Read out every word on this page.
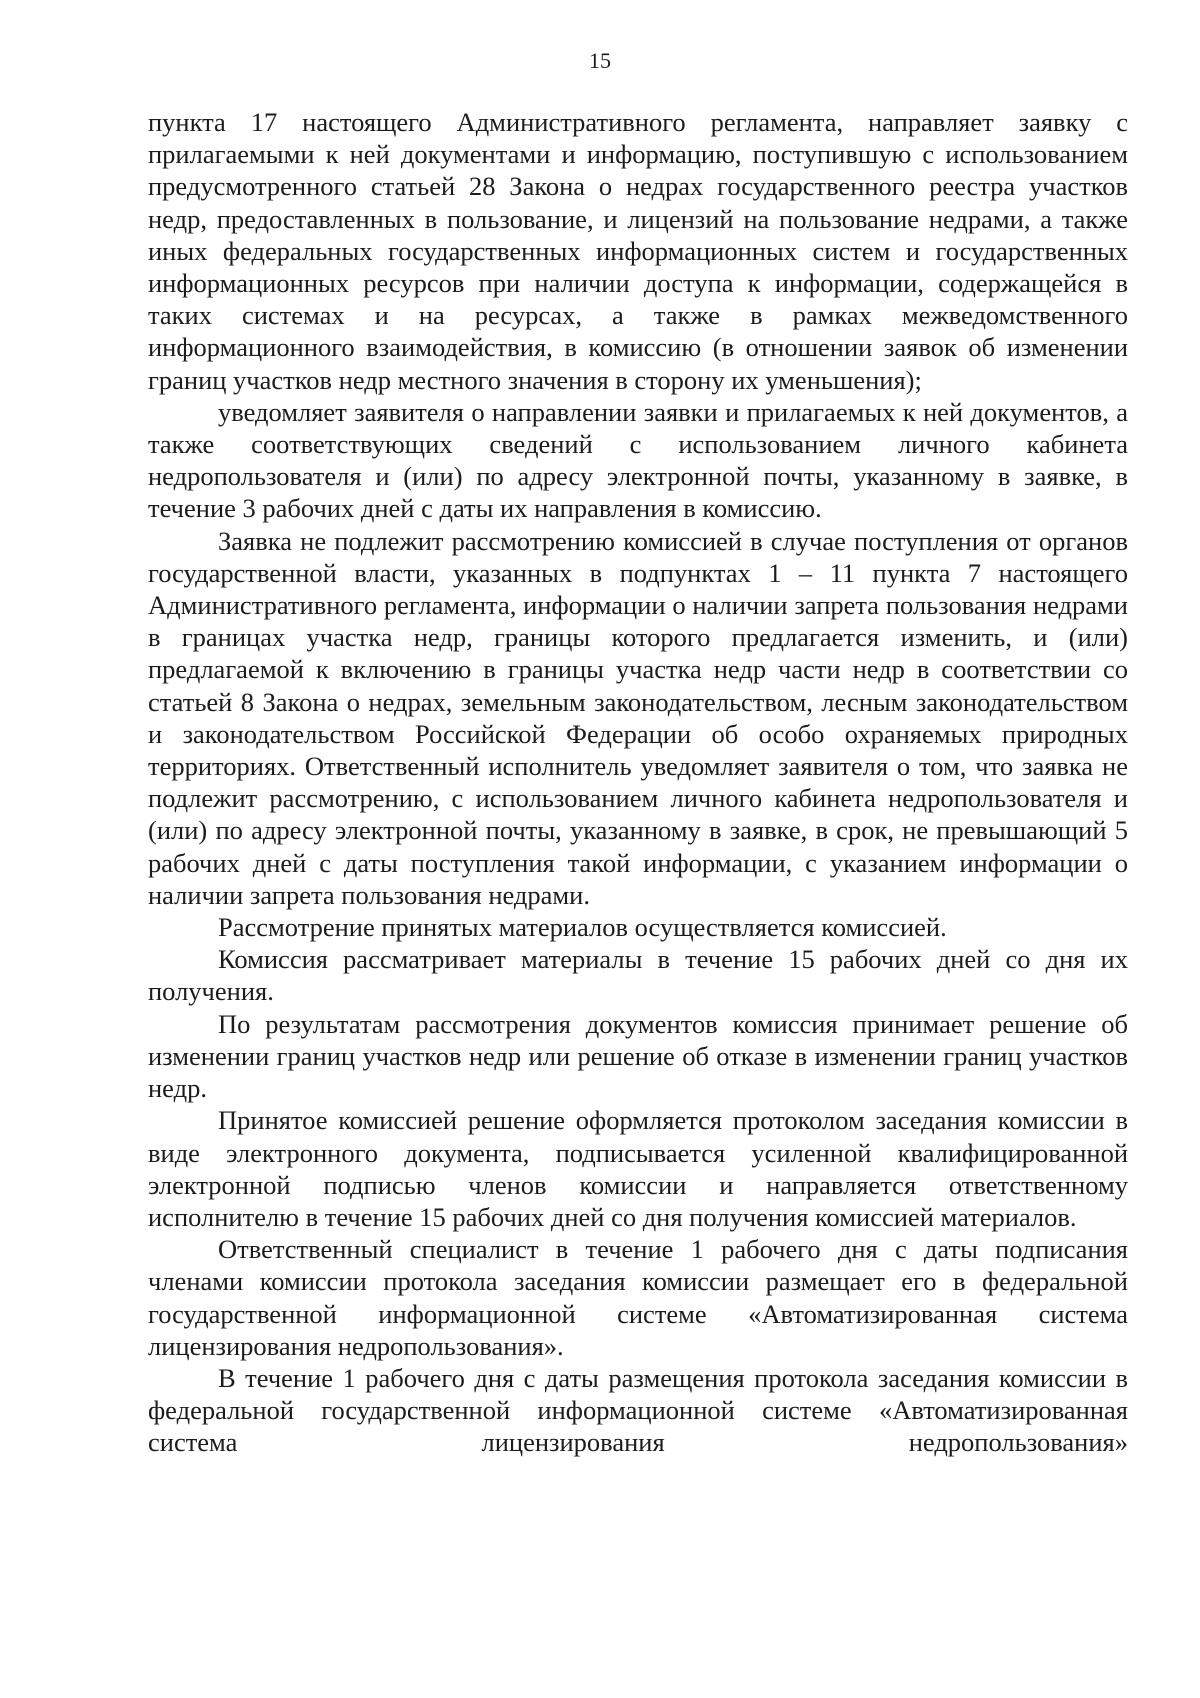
15

пункта 17 настоящего Административного регламента, направляет заявку с прилагаемыми к ней документами и информацию, поступившую с использованием предусмотренного статьей 28 Закона о недрах государственного реестра участков недр, предоставленных в пользование, и лицензий на пользование недрами, а также иных федеральных государственных информационных систем и государственных информационных ресурсов при наличии доступа к информации, содержащейся в таких системах и на ресурсах, а также в рамках межведомственного информационного взаимодействия, в комиссию (в отношении заявок об изменении границ участков недр местного значения в сторону их уменьшения);

уведомляет заявителя о направлении заявки и прилагаемых к ней документов, а также соответствующих сведений с использованием личного кабинета недропользователя и (или) по адресу электронной почты, указанному в заявке, в течение 3 рабочих дней с даты их направления в комиссию.

Заявка не подлежит рассмотрению комиссией в случае поступления от органов государственной власти, указанных в подпунктах 1 – 11 пункта 7 настоящего Административного регламента, информации о наличии запрета пользования недрами в границах участка недр, границы которого предлагается изменить, и (или) предлагаемой к включению в границы участка недр части недр в соответствии со статьей 8 Закона о недрах, земельным законодательством, лесным законодательством и законодательством Российской Федерации об особо охраняемых природных территориях. Ответственный исполнитель уведомляет заявителя о том, что заявка не подлежит рассмотрению, с использованием личного кабинета недропользователя и (или) по адресу электронной почты, указанному в заявке, в срок, не превышающий 5 рабочих дней с даты поступления такой информации, с указанием информации о наличии запрета пользования недрами.

Рассмотрение принятых материалов осуществляется комиссией.

Комиссия рассматривает материалы в течение 15 рабочих дней со дня их получения.

По результатам рассмотрения документов комиссия принимает решение об изменении границ участков недр или решение об отказе в изменении границ участков недр.

Принятое комиссией решение оформляется протоколом заседания комиссии в виде электронного документа, подписывается усиленной квалифицированной электронной подписью членов комиссии и направляется ответственному исполнителю в течение 15 рабочих дней со дня получения комиссией материалов.

Ответственный специалист в течение 1 рабочего дня с даты подписания членами комиссии протокола заседания комиссии размещает его в федеральной государственной информационной системе «Автоматизированная система лицензирования недропользования».

В течение 1 рабочего дня с даты размещения протокола заседания комиссии в федеральной государственной информационной системе «Автоматизированная система лицензирования недропользования»
